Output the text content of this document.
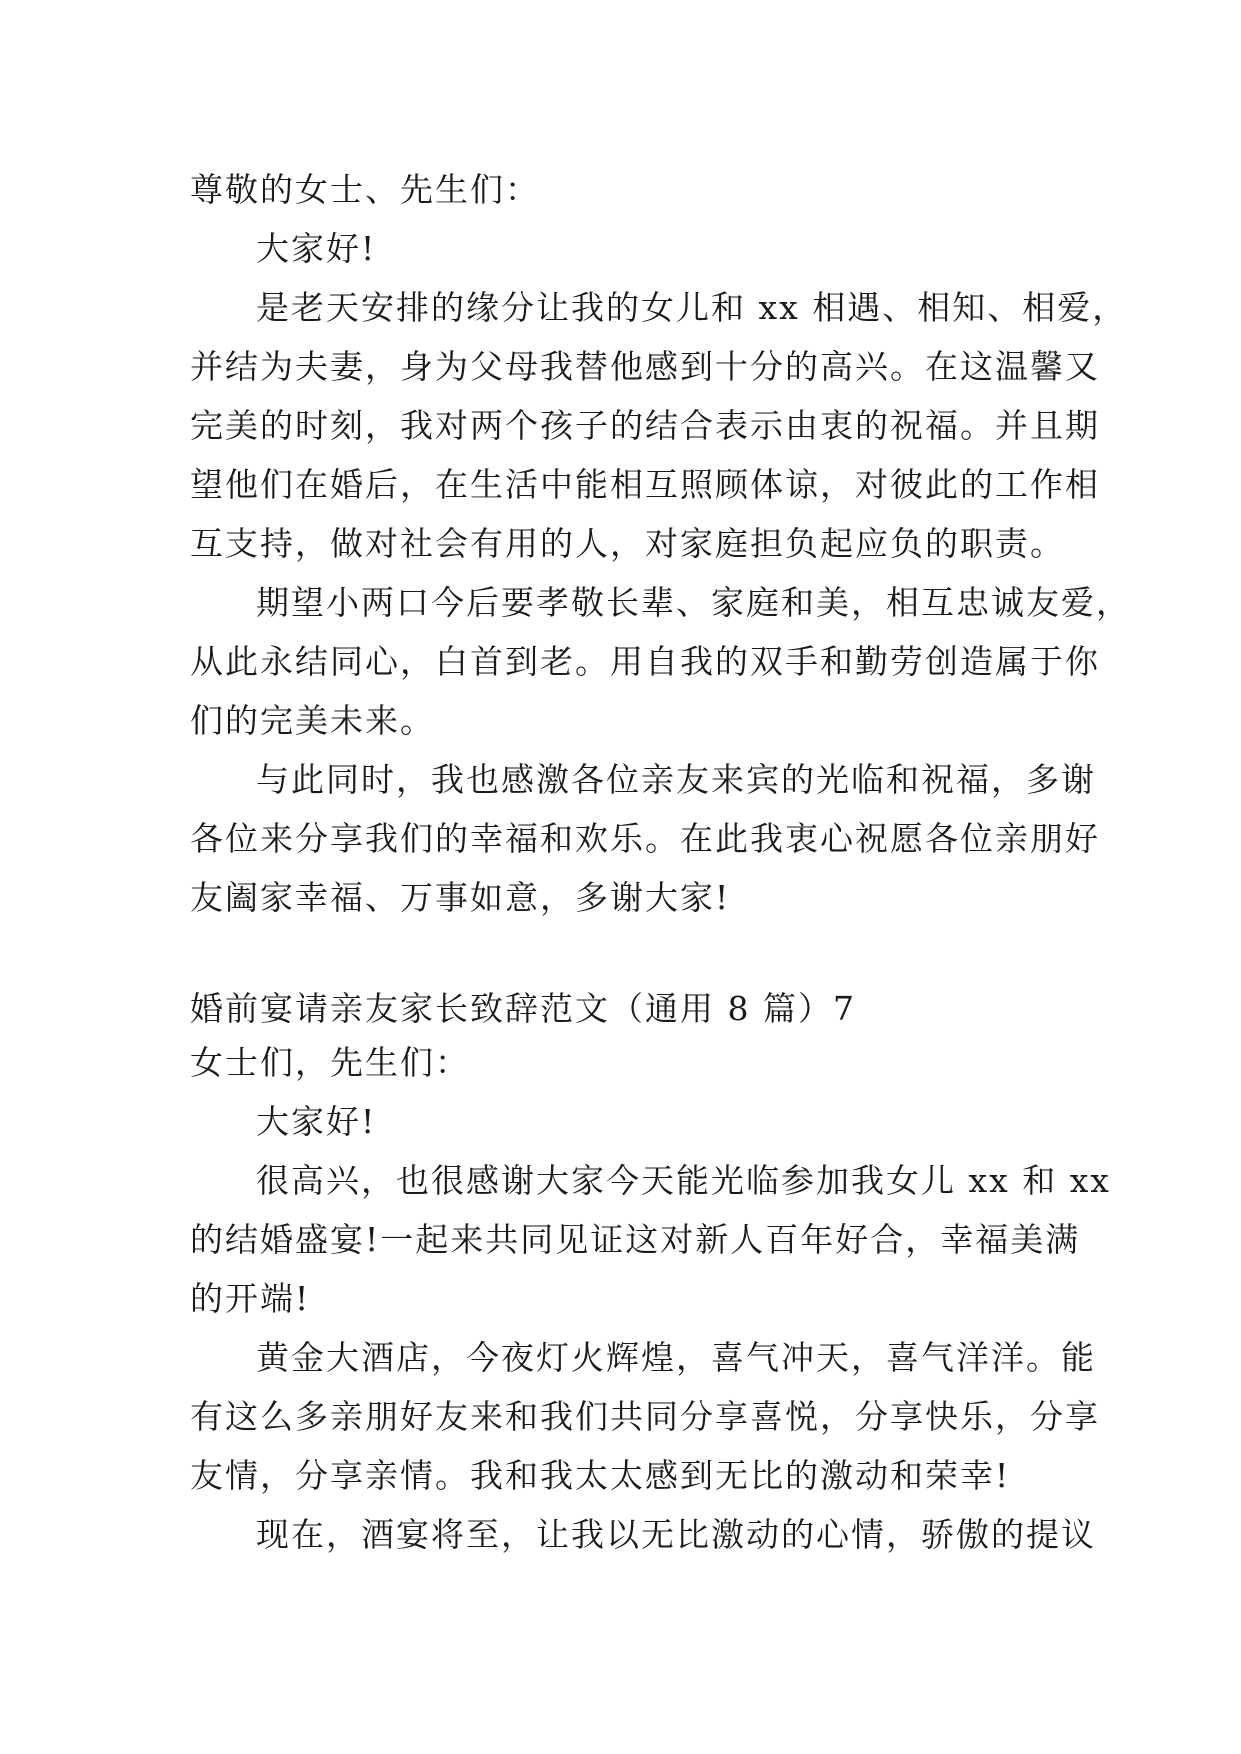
尊敬的女士、先生们：
大家好!
是老天安排的缘分让我的女儿和 xx 相遇、相知、相爱，
并结为夫妻，身为父母我替他感到十分的高兴。在这温馨又
完美的时刻，我对两个孩子的结合表示由衷的祝福。并且期
望他们在婚后，在生活中能相互照顾体谅，对彼此的工作相
互支持，做对社会有用的人，对家庭担负起应负的职责。
期望小两口今后要孝敬长辈、家庭和美，相互忠诚友爱，
从此永结同心，白首到老。用自我的双手和勤劳创造属于你
们的完美未来。
与此同时，我也感激各位亲友来宾的光临和祝福，多谢
各位来分享我们的幸福和欢乐。在此我衷心祝愿各位亲朋好
友阖家幸福、万事如意，多谢大家!
婚前宴请亲友家长致辞范文（通用 8 篇）7
女士们，先生们：
大家好!
很高兴，也很感谢大家今天能光临参加我女儿 xx 和 xx
的结婚盛宴!一起来共同见证这对新人百年好合，幸福美满
的开端!
黄金大酒店，今夜灯火辉煌，喜气冲天，喜气洋洋。能
有这么多亲朋好友来和我们共同分享喜悦，分享快乐，分享
友情，分享亲情。我和我太太感到无比的激动和荣幸!
现在，酒宴将至，让我以无比激动的心情，骄傲的提议
